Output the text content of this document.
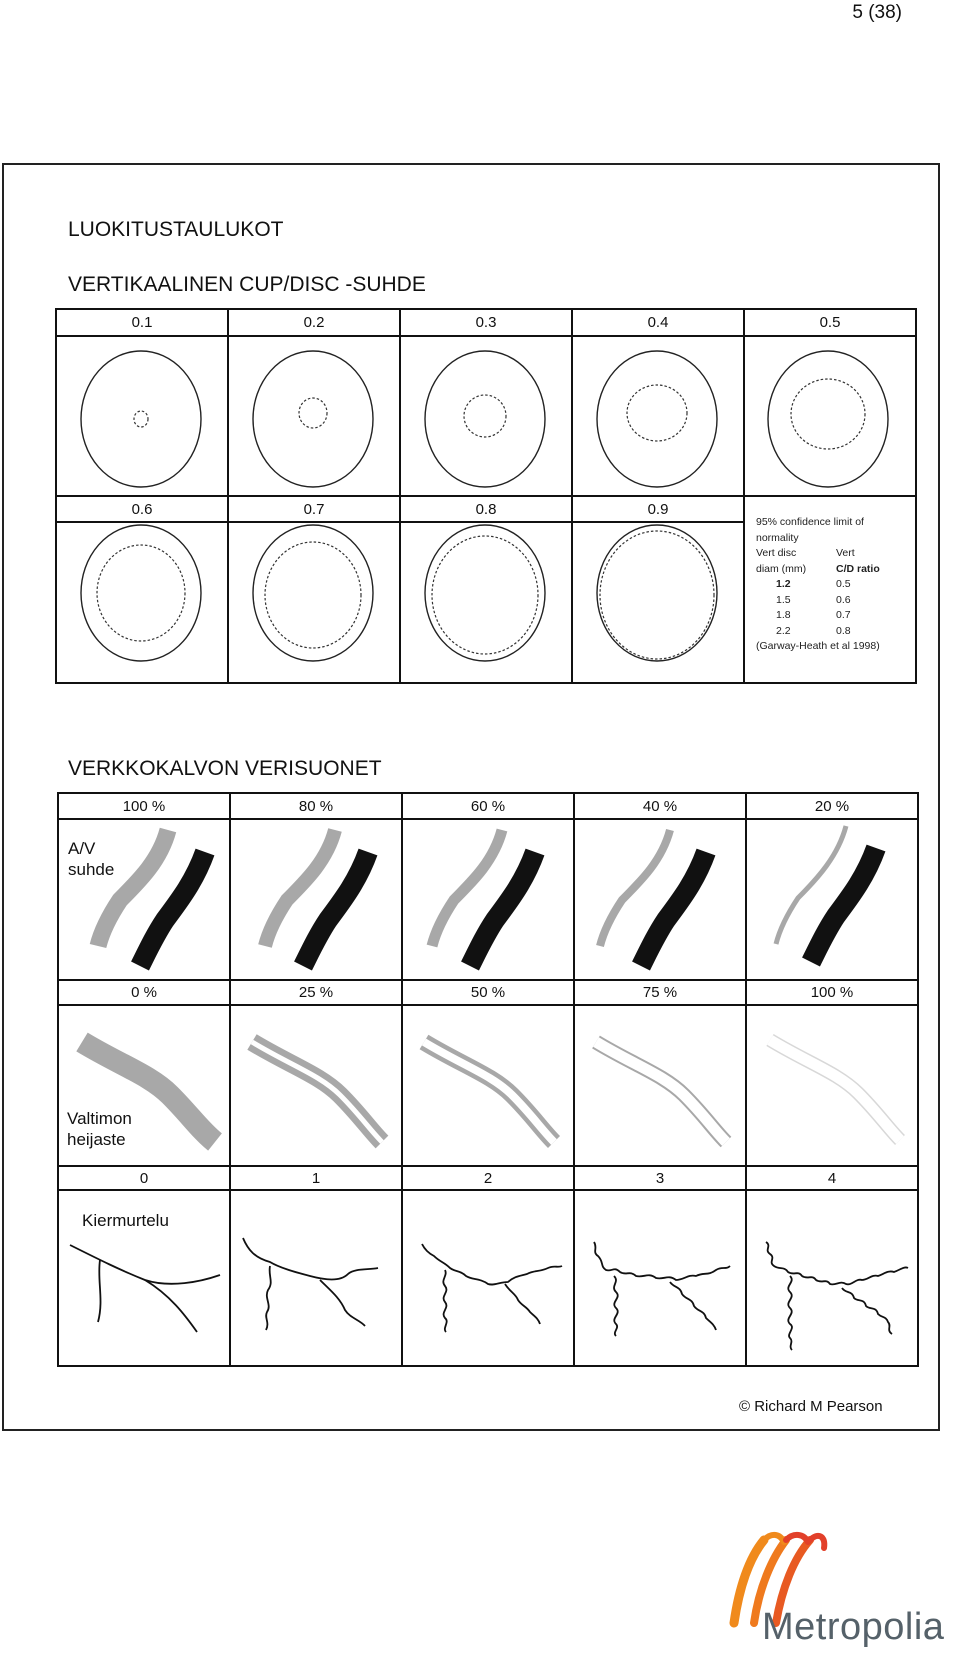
5 (38)
LUOKITUSTAULUKOT
VERTIKAALINEN CUP/DISC -SUHDE
0.1	0.2	0.3	0.4	0.5
0.6	0.7	0.8	0.9
95% confidence limit of
normality
Vert disc	Vert
diam (mm)	C/D ratio
1.2	0.5
1.5	0.6
1.8	0.7
2.2	0.8
(Garway-Heath et al 1998)
VERKKOKALVON VERISUONET
100 %	80 %	60 %	40 %	20 %
0 %	25 %	50 %	75 %	100 %
0	1	2	3	4
A/V
suhde
Valtimon
heijaste
Kiermurtelu
© Richard M Pearson
Metropolia
